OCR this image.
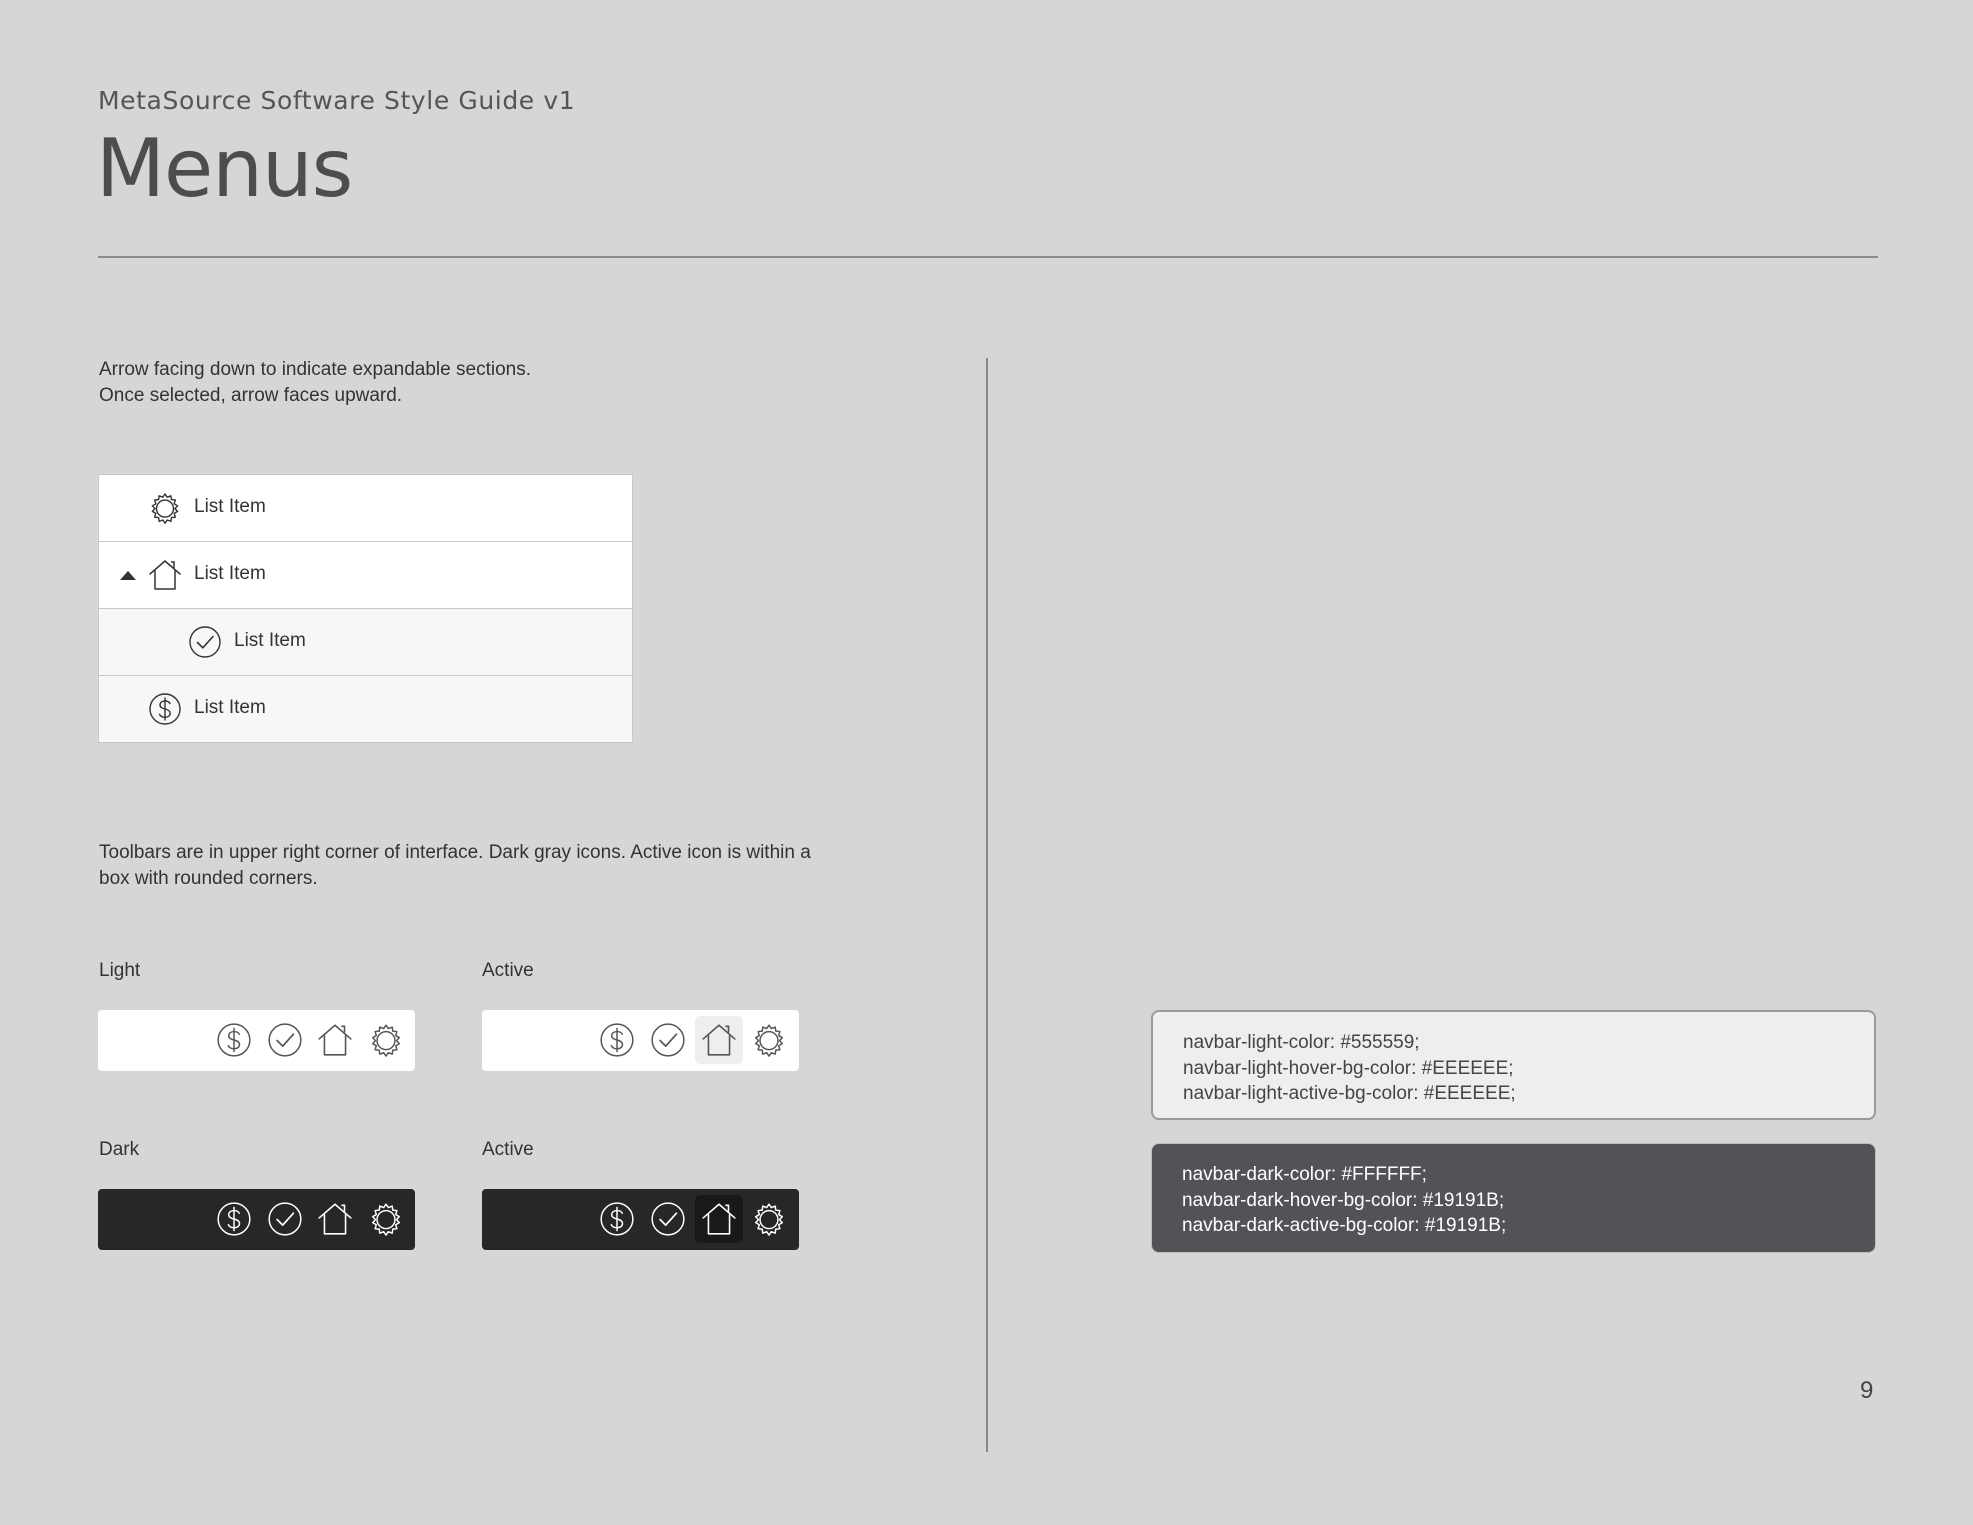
MetaSource Software Style Guide v1
Menus

Arrow facing down to indicate expandable sections.

Once selected, arrow faces upward.

List Item
List Item
List Item
List Item

Toolbars are in upper right corner of interface. Dark gray icons. Active icon is within a

box with rounded corners.

Light	Active
Dark	Active

navbar-light-color: #555559;

navbar-light-hover-bg-color: #EEEEEE;

navbar-light-active-bg-color: #EEEEEE;

navbar-dark-color: #FFFFFF;

navbar-dark-hover-bg-color: #19191B;

navbar-dark-active-bg-color: #19191B;

9
